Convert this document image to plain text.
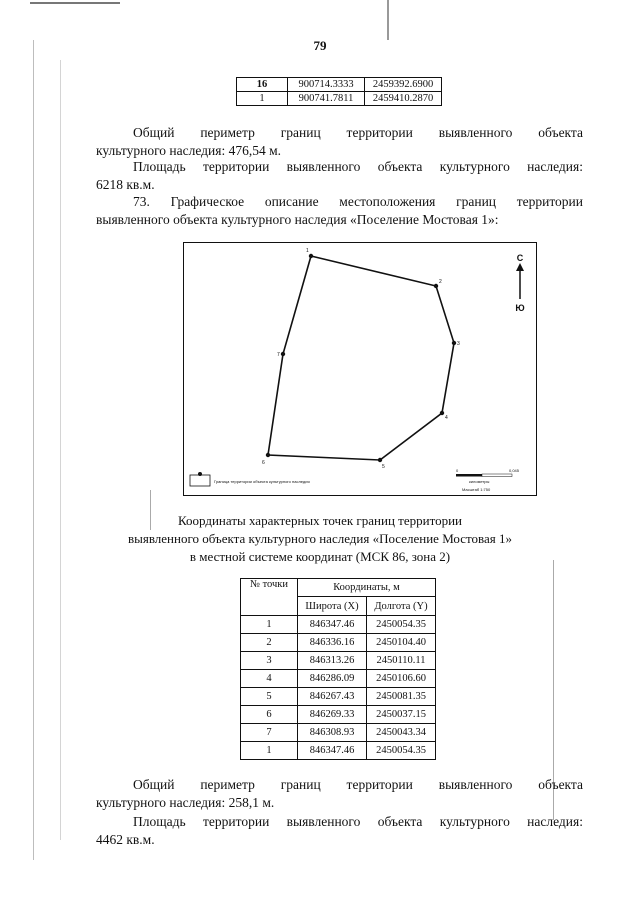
79
16	900714.3333	2459392.6900
1	900741.7811	2459410.2870
Общий периметр границ территории выявленного объекта
культурного наследия: 476,54 м.
Площадь территории выявленного объекта культурного наследия:
6218 кв.м.
73. Графическое описание местоположения границ территории
выявленного объекта культурного наследия «Поселение Мостовая 1»:
1
2
3
4
5
6
7
С
Ю
Граница территории объекта культурного наследия
0	0,045
километры
Масштаб 1:750
Координаты характерных точек границ территории
выявленного объекта культурного наследия «Поселение Мостовая 1»
в местной системе координат (МСК 86, зона 2)
№ точки	Координаты, м	
	Широта (X)	Долгота (Y)
1	846347.46	2450054.35
2	846336.16	2450104.40
3	846313.26	2450110.11
4	846286.09	2450106.60
5	846267.43	2450081.35
6	846269.33	2450037.15
7	846308.93	2450043.34
1	846347.46	2450054.35
Общий периметр границ территории выявленного объекта
культурного наследия: 258,1 м.
Площадь территории выявленного объекта культурного наследия:
4462 кв.м.
